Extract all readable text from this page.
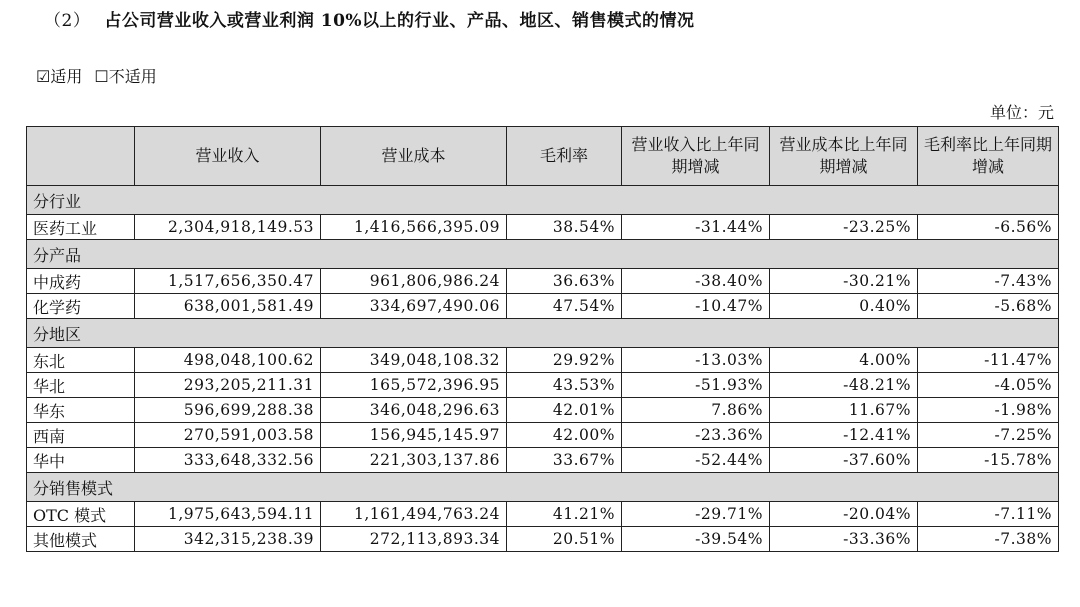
（2） 占公司营业收入或营业利润 10%以上的行业、产品、地区、销售模式的情况
☑适用 ☐不适用
单位：元
	营业收入	营业成本	毛利率	营业收入比上年同期增减	营业成本比上年同期增减	毛利率比上年同期增减
分行业						
医药工业	2,304,918,149.53	1,416,566,395.09	38.54%	-31.44%	-23.25%	-6.56%
分产品						
中成药	1,517,656,350.47	961,806,986.24	36.63%	-38.40%	-30.21%	-7.43%
化学药	638,001,581.49	334,697,490.06	47.54%	-10.47%	0.40%	-5.68%
分地区						
东北	498,048,100.62	349,048,108.32	29.92%	-13.03%	4.00%	-11.47%
华北	293,205,211.31	165,572,396.95	43.53%	-51.93%	-48.21%	-4.05%
华东	596,699,288.38	346,048,296.63	42.01%	7.86%	11.67%	-1.98%
西南	270,591,003.58	156,945,145.97	42.00%	-23.36%	-12.41%	-7.25%
华中	333,648,332.56	221,303,137.86	33.67%	-52.44%	-37.60%	-15.78%
分销售模式						
OTC 模式	1,975,643,594.11	1,161,494,763.24	41.21%	-29.71%	-20.04%	-7.11%
其他模式	342,315,238.39	272,113,893.34	20.51%	-39.54%	-33.36%	-7.38%
